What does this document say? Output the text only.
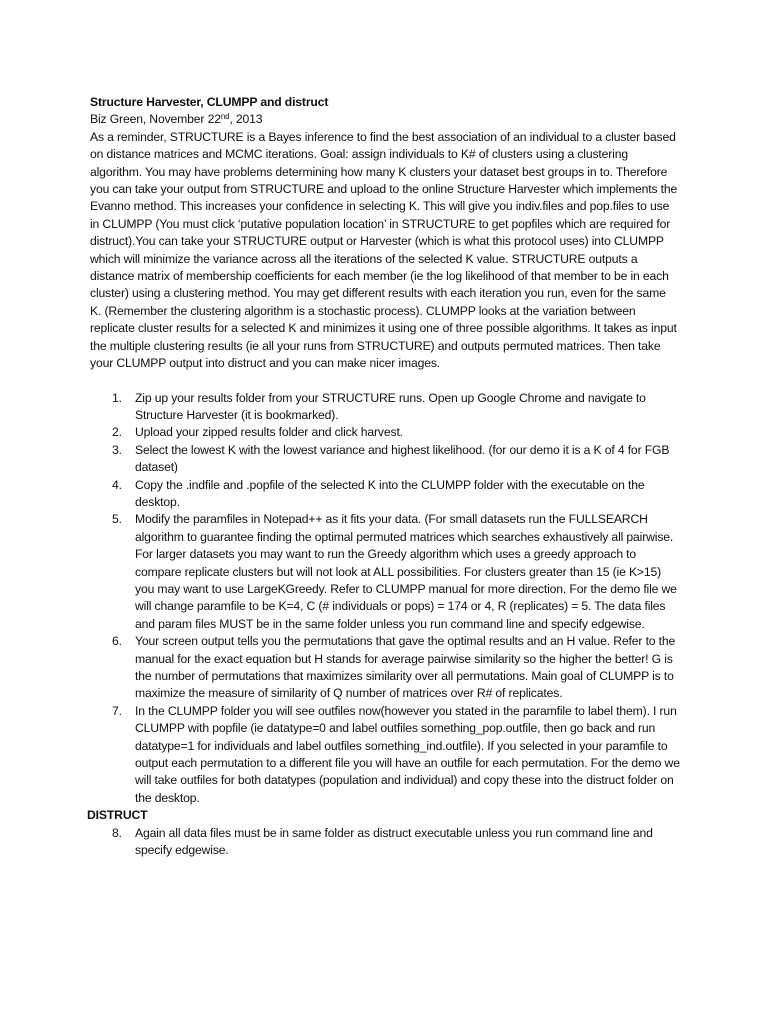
Structure Harvester, CLUMPP and distruct

Biz Green, November 22nd, 2013

As a reminder, STRUCTURE is a Bayes inference to find the best association of an individual to a cluster based on distance matrices and MCMC iterations. Goal: assign individuals to K# of clusters using a clustering algorithm. You may have problems determining how many K clusters your dataset best groups in to. Therefore you can take your output from STRUCTURE and upload to the online Structure Harvester which implements the Evanno method. This increases your confidence in selecting K. This will give you indiv.files and pop.files to use in CLUMPP (You must click ‘putative population location’ in STRUCTURE to get popfiles which are required for distruct).You can take your STRUCTURE output or Harvester (which is what this protocol uses) into CLUMPP which will minimize the variance across all the iterations of the selected K value. STRUCTURE outputs a distance matrix of membership coefficients for each member (ie the log likelihood of that member to be in each cluster) using a clustering method. You may get different results with each iteration you run, even for the same K. (Remember the clustering algorithm is a stochastic process). CLUMPP looks at the variation between replicate cluster results for a selected K and minimizes it using one of three possible algorithms. It takes as input the multiple clustering results (ie all your runs from STRUCTURE) and outputs permuted matrices. Then take your CLUMPP output into distruct and you can make nicer images.

1. Zip up your results folder from your STRUCTURE runs. Open up Google Chrome and navigate to Structure Harvester (it is bookmarked).
2. Upload your zipped results folder and click harvest.
3. Select the lowest K with the lowest variance and highest likelihood. (for our demo it is a K of 4 for FGB dataset)
4. Copy the .indfile and .popfile of the selected K into the CLUMPP folder with the executable on the desktop.
5. Modify the paramfiles in Notepad++ as it fits your data. (For small datasets run the FULLSEARCH algorithm to guarantee finding the optimal permuted matrices which searches exhaustively all pairwise. For larger datasets you may want to run the Greedy algorithm which uses a greedy approach to compare replicate clusters but will not look at ALL possibilities. For clusters greater than 15 (ie K>15) you may want to use LargeKGreedy. Refer to CLUMPP manual for more direction. For the demo file we will change paramfile to be K=4, C (# individuals or pops) = 174 or 4, R (replicates) = 5. The data files and param files MUST be in the same folder unless you run command line and specify edgewise.
6. Your screen output tells you the permutations that gave the optimal results and an H value. Refer to the manual for the exact equation but H stands for average pairwise similarity so the higher the better! G is the number of permutations that maximizes similarity over all permutations. Main goal of CLUMPP is to maximize the measure of similarity of Q number of matrices over R# of replicates.
7. In the CLUMPP folder you will see outfiles now(however you stated in the paramfile to label them). I run CLUMPP with popfile (ie datatype=0 and label outfiles something_pop.outfile, then go back and run datatype=1 for individuals and label outfiles something_ind.outfile). If you selected in your paramfile to output each permutation to a different file you will have an outfile for each permutation. For the demo we will take outfiles for both datatypes (population and individual) and copy these into the distruct folder on the desktop.

DISTRUCT

8. Again all data files must be in same folder as distruct executable unless you run command line and specify edgewise.
